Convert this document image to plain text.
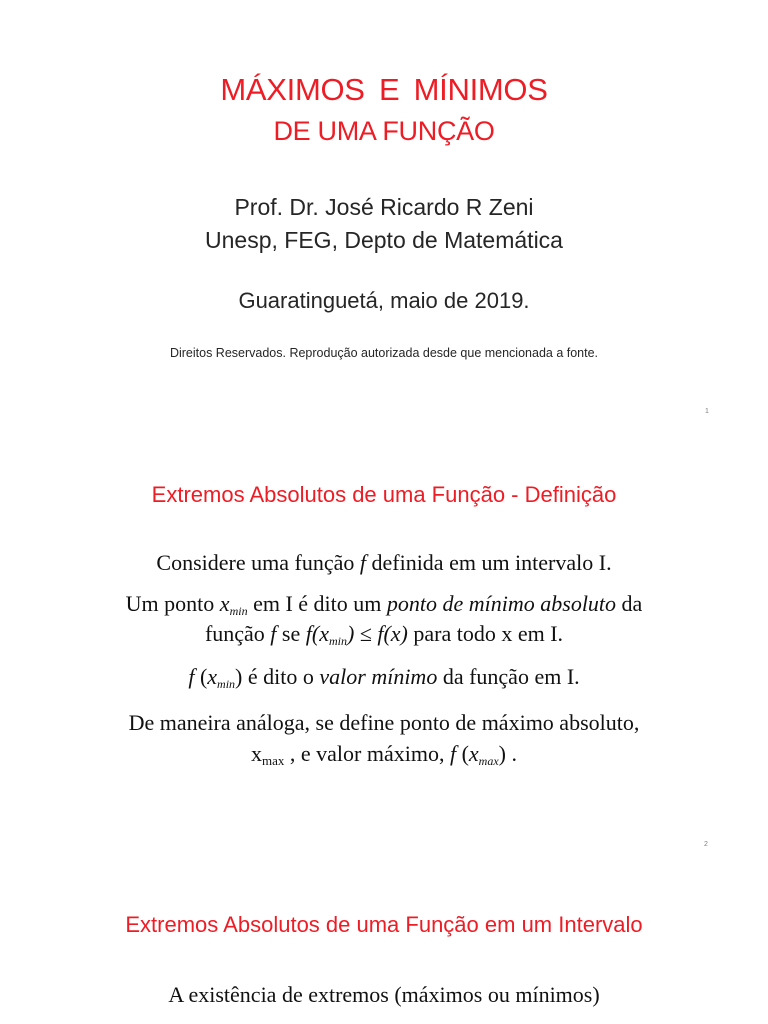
MÁXIMOS E MÍNIMOS
DE UMA FUNÇÃO
Prof. Dr. José Ricardo R Zeni
Unesp, FEG, Depto de Matemática
Guaratinguetá, maio de 2019.
Direitos Reservados. Reprodução autorizada desde que mencionada a fonte.
1
Extremos Absolutos de uma Função - Definição
Considere uma função f definida em um intervalo I.
Um ponto $x_{min}$ em I é dito um ponto de mínimo absoluto da
função f se $f(x_{min}) \le f(x)$ para todo x em I.
f $(x_{min})$ é dito o valor mínimo da função em I.
De maneira análoga, se define ponto de máximo absoluto,
$x_{max}$ , e valor máximo, f $(x_{max})$ .
2
Extremos Absolutos de uma Função em um Intervalo
A existência de extremos (máximos ou mínimos)
